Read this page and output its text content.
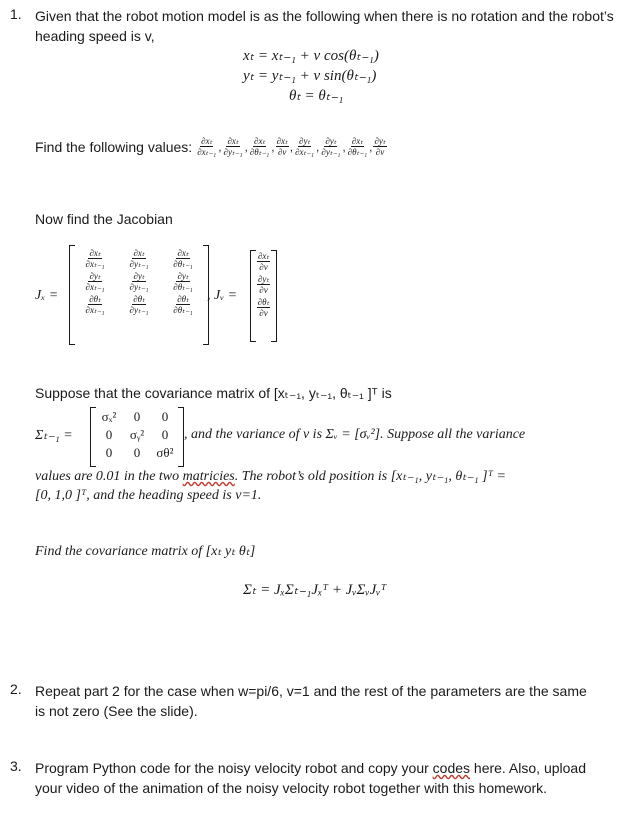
1. Given that the robot motion model is as the following when there is no rotation and the robot’s heading speed is v,
xₜ = xₜ₋₁ + v cos(θₜ₋₁)
yₜ = yₜ₋₁ + v sin(θₜ₋₁)
θₜ = θₜ₋₁
Find the following values: $\frac{\text{∂xₜ}}{\text{∂xₜ₋₁}}$ , $\frac{\text{∂xₜ}}{\text{∂yₜ₋₁}}$ , $\frac{\text{∂xₜ}}{\text{∂θₜ₋₁}}$ , $\frac{\text{∂xₜ}}{\partial v}$ , $\frac{\text{∂yₜ}}{\text{∂xₜ₋₁}}$ , $\frac{\text{∂yₜ}}{\text{∂yₜ₋₁}}$ , $\frac{\text{∂xₜ}}{\text{∂θₜ₋₁}}$ , $\frac{\text{∂yₜ}}{\partial v}$
Now find the Jacobian
Jₓ =
$\frac{\text{∂xₜ}}{\text{∂xₜ₋₁}} \frac{\text{∂xₜ}}{\text{∂yₜ₋₁}} \frac{\text{∂xₜ}}{\text{∂θₜ₋₁}}$
$\frac{\text{∂yₜ}}{\text{∂xₜ₋₁}} \frac{\text{∂yₜ}}{\text{∂yₜ₋₁}} \frac{\text{∂yₜ}}{\text{∂θₜ₋₁}}$
$\frac{\text{∂θₜ}}{\text{∂xₜ₋₁}} \frac{\text{∂θₜ}}{\text{∂yₜ₋₁}} \frac{\text{∂θₜ}}{\text{∂θₜ₋₁}}$ , Jᵥ =
$\frac{\text{∂xₜ}}{\partial v}$
$\frac{\text{∂yₜ}}{\partial v}$
$\frac{\text{∂θₜ}}{\partial v}$
Suppose that the covariance matrix of [xₜ₋₁, yₜ₋₁, θₜ₋₁ ]ᵀ is
Σₜ₋₁ =
σₓ²	0	0
0	σᵧ²	0
0	0	σθ²
, and the variance of v is Σᵥ = [σᵥ²]. Suppose all the variance
values are 0.01 in the two matricies. The robot’s old position is [xₜ₋₁, yₜ₋₁, θₜ₋₁ ]ᵀ =
[0, 1,0 ]ᵀ, and the heading speed is v=1.
Find the covariance matrix of [xₜ yₜ θₜ]
Σₜ = JₓΣₜ₋₁Jₓᵀ + JᵥΣᵥJᵥᵀ
2. Repeat part 2 for the case when w=pi/6, v=1 and the rest of the parameters are the same is not zero (See the slide).
3. Program Python code for the noisy velocity robot and copy your codes here. Also, upload your video of the animation of the noisy velocity robot together with this homework.
